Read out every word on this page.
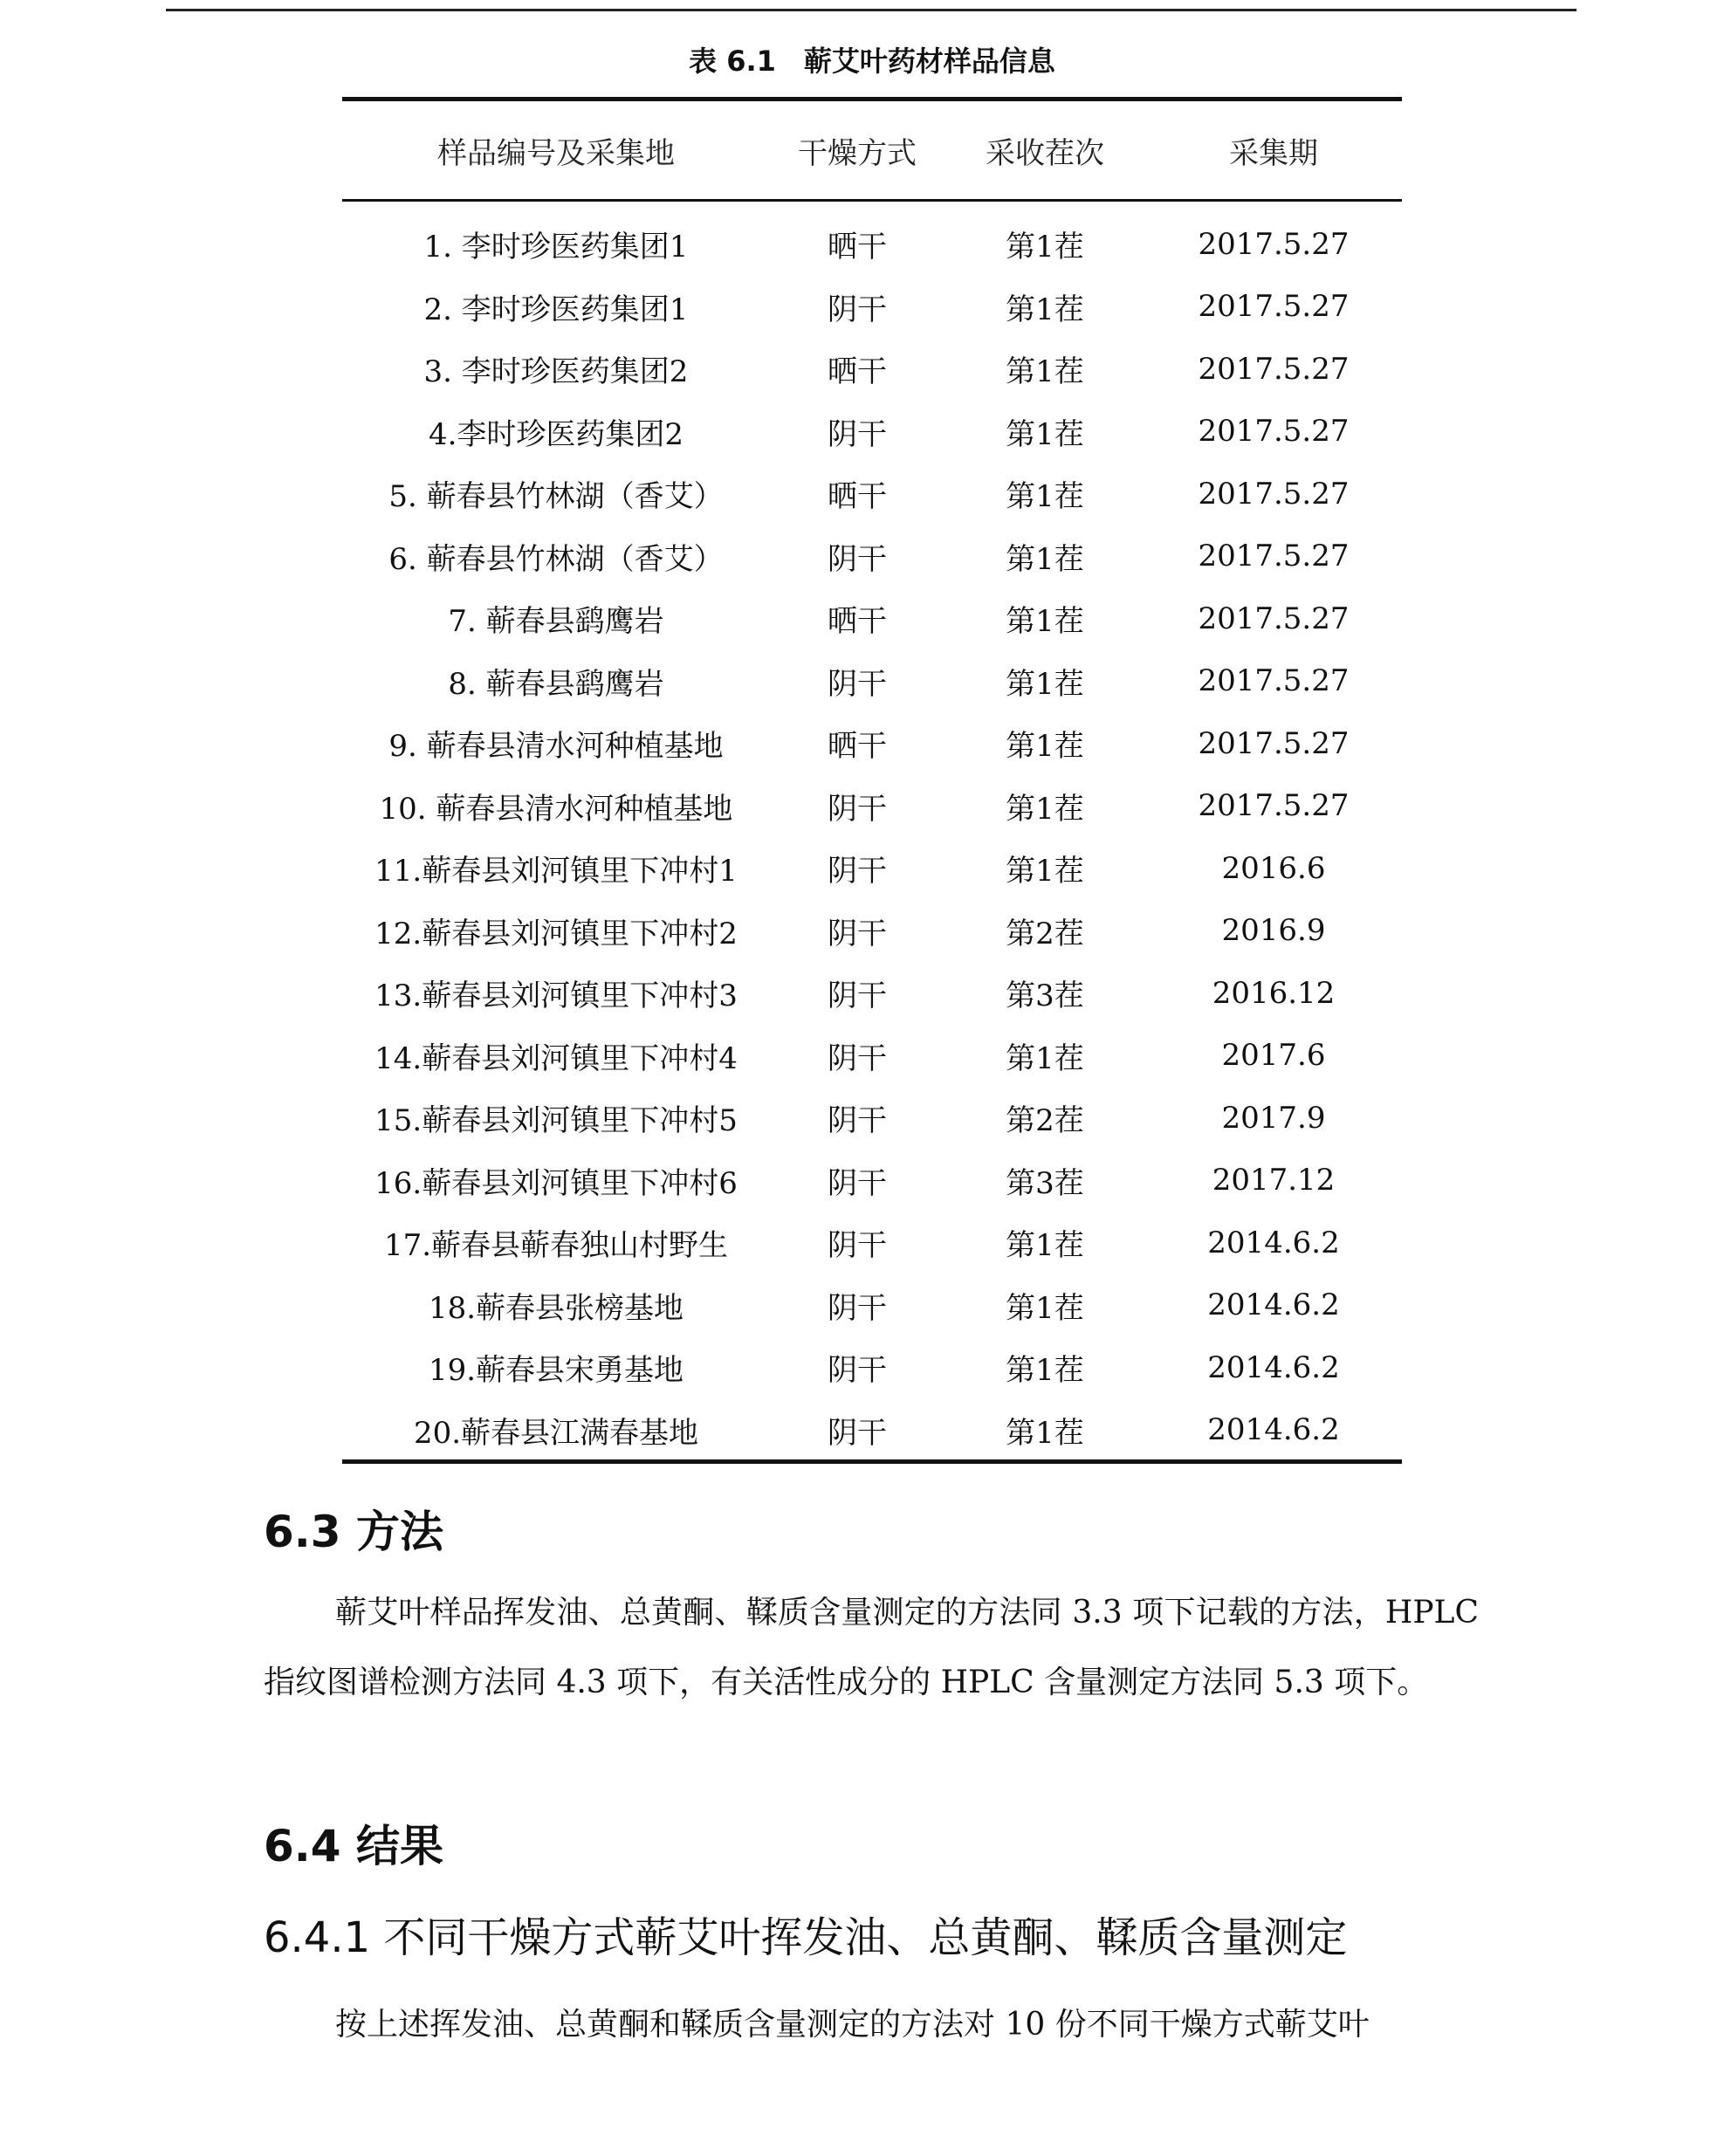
表 6.1　蕲艾叶药材样品信息
样品编号及采集地	干燥方式	采收茬次	采集期
1. 李时珍医药集团1	晒干	第1茬	2017.5.27
2. 李时珍医药集团1	阴干	第1茬	2017.5.27
3. 李时珍医药集团2	晒干	第1茬	2017.5.27
4.李时珍医药集团2	阴干	第1茬	2017.5.27
5. 蕲春县竹林湖（香艾）	晒干	第1茬	2017.5.27
6. 蕲春县竹林湖（香艾）	阴干	第1茬	2017.5.27
7. 蕲春县鹞鹰岩	晒干	第1茬	2017.5.27
8. 蕲春县鹞鹰岩	阴干	第1茬	2017.5.27
9. 蕲春县清水河种植基地	晒干	第1茬	2017.5.27
10. 蕲春县清水河种植基地	阴干	第1茬	2017.5.27
11.蕲春县刘河镇里下冲村1	阴干	第1茬	2016.6
12.蕲春县刘河镇里下冲村2	阴干	第2茬	2016.9
13.蕲春县刘河镇里下冲村3	阴干	第3茬	2016.12
14.蕲春县刘河镇里下冲村4	阴干	第1茬	2017.6
15.蕲春县刘河镇里下冲村5	阴干	第2茬	2017.9
16.蕲春县刘河镇里下冲村6	阴干	第3茬	2017.12
17.蕲春县蕲春独山村野生	阴干	第1茬	2014.6.2
18.蕲春县张榜基地	阴干	第1茬	2014.6.2
19.蕲春县宋勇基地	阴干	第1茬	2014.6.2
20.蕲春县江满春基地	阴干	第1茬	2014.6.2
6.3 方法
蕲艾叶样品挥发油、总黄酮、鞣质含量测定的方法同 3.3 项下记载的方法，HPLC 指纹图谱检测方法同 4.3 项下，有关活性成分的 HPLC 含量测定方法同 5.3 项下。
6.4 结果
6.4.1 不同干燥方式蕲艾叶挥发油、总黄酮、鞣质含量测定
按上述挥发油、总黄酮和鞣质含量测定的方法对 10 份不同干燥方式蕲艾叶
